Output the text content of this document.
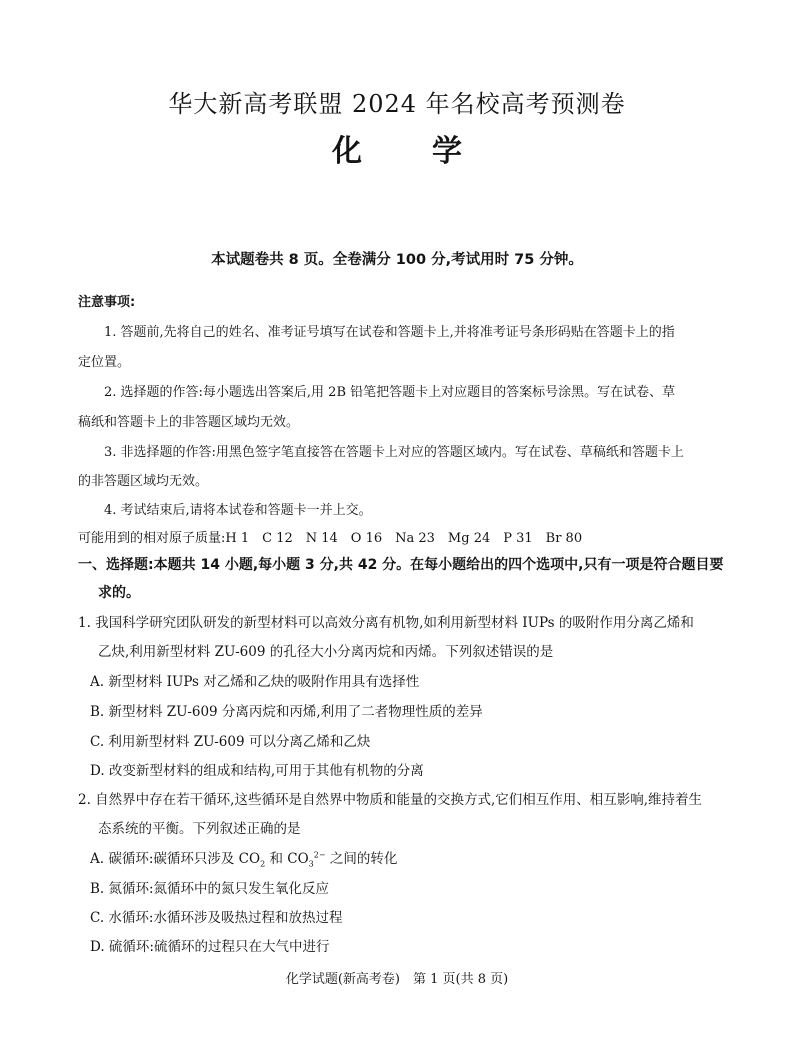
华大新高考联盟 2024 年名校高考预测卷
化学
本试题卷共 8 页。全卷满分 100 分,考试用时 75 分钟。
注意事项:
1. 答题前,先将自己的姓名、准考证号填写在试卷和答题卡上,并将准考证号条形码贴在答题卡上的指
定位置。
2. 选择题的作答:每小题选出答案后,用 2B 铅笔把答题卡上对应题目的答案标号涂黑。写在试卷、草
稿纸和答题卡上的非答题区域均无效。
3. 非选择题的作答:用黑色签字笔直接答在答题卡上对应的答题区域内。写在试卷、草稿纸和答题卡上
的非答题区域均无效。
4. 考试结束后,请将本试卷和答题卡一并上交。
可能用到的相对原子质量:H 1　C 12　N 14　O 16　Na 23　Mg 24　P 31　Br 80
一、选择题:本题共 14 小题,每小题 3 分,共 42 分。在每小题给出的四个选项中,只有一项是符合题目要
求的。
1. 我国科学研究团队研发的新型材料可以高效分离有机物,如利用新型材料 IUPs 的吸附作用分离乙烯和
乙炔,利用新型材料 ZU-609 的孔径大小分离丙烷和丙烯。下列叙述错误的是
A. 新型材料 IUPs 对乙烯和乙炔的吸附作用具有选择性
B. 新型材料 ZU-609 分离丙烷和丙烯,利用了二者物理性质的差异
C. 利用新型材料 ZU-609 可以分离乙烯和乙炔
D. 改变新型材料的组成和结构,可用于其他有机物的分离
2. 自然界中存在若干循环,这些循环是自然界中物质和能量的交换方式,它们相互作用、相互影响,维持着生
态系统的平衡。下列叙述正确的是
A. 碳循环:碳循环只涉及 $CO_2$ 和 $CO_3^{2-}$ 之间的转化
B. 氮循环:氮循环中的氮只发生氧化反应
C. 水循环:水循环涉及吸热过程和放热过程
D. 硫循环:硫循环的过程只在大气中进行
化学试题(新高考卷)　第 1 页(共 8 页)
